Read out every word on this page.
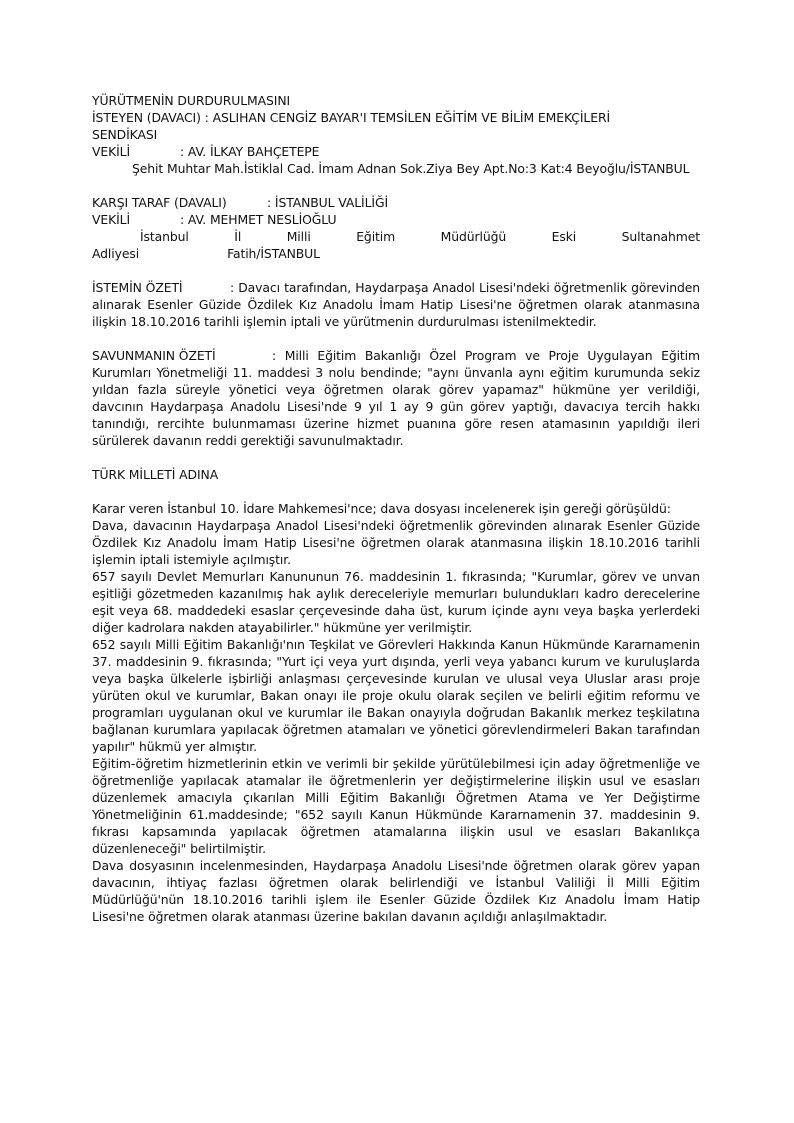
YÜRÜTMENİN DURDURULMASINI
İSTEYEN (DAVACI) : ASLIHAN CENGİZ BAYAR'I TEMSİLEN EĞİTİM VE BİLİM EMEKÇİLERİ
SENDİKASI
VEKİLİ	: AV. İLKAY BAHÇETEPE
Şehit Muhtar Mah.İstiklal Cad. İmam Adnan Sok.Ziya Bey Apt.No:3 Kat:4 Beyoğlu/İSTANBUL
KARŞI TARAF (DAVALI)	: İSTANBUL VALİLİĞİ
VEKİLİ	: AV. MEHMET NESLİOĞLU
İstanbul İl Milli Eğitim Müdürlüğü Eski Sultanahmet
Adliyesi	Fatih/İSTANBUL
İSTEMİN ÖZETİ	: Davacı tarafından, Haydarpaşa Anadol Lisesi'ndeki öğretmenlik görevinden alınarak Esenler Güzide Özdilek Kız Anadolu İmam Hatip Lisesi'ne öğretmen olarak atanmasına ilişkin 18.10.2016 tarihli işlemin iptali ve yürütmenin durdurulması istenilmektedir.
SAVUNMANIN ÖZETİ	: Milli Eğitim Bakanlığı Özel Program ve Proje Uygulayan Eğitim Kurumları Yönetmeliği 11. maddesi 3 nolu bendinde; "aynı ünvanla aynı eğitim kurumunda sekiz yıldan fazla süreyle yönetici veya öğretmen olarak görev yapamaz" hükmüne yer verildiği, davcının Haydarpaşa Anadolu Lisesi'nde 9 yıl 1 ay 9 gün görev yaptığı, davacıya tercih hakkı tanındığı, rercihte bulunmaması üzerine hizmet puanına göre resen atamasının yapıldığı ileri sürülerek davanın reddi gerektiği savunulmaktadır.
TÜRK MİLLETİ ADINA
Karar veren İstanbul 10. İdare Mahkemesi'nce; dava dosyası incelenerek işin gereği görüşüldü:
Dava, davacının Haydarpaşa Anadol Lisesi'ndeki öğretmenlik görevinden alınarak Esenler Güzide Özdilek Kız Anadolu İmam Hatip Lisesi'ne öğretmen olarak atanmasına ilişkin 18.10.2016 tarihli işlemin iptali istemiyle açılmıştır.
657 sayılı Devlet Memurları Kanununun 76. maddesinin 1. fıkrasında; "Kurumlar, görev ve unvan eşitliği gözetmeden kazanılmış hak aylık dereceleriyle memurları bulundukları kadro derecelerine eşit veya 68. maddedeki esaslar çerçevesinde daha üst, kurum içinde aynı veya başka yerlerdeki diğer kadrolara nakden atayabilirler." hükmüne yer verilmiştir.
652 sayılı Milli Eğitim Bakanlığı'nın Teşkilat ve Görevleri Hakkında Kanun Hükmünde Kararnamenin 37. maddesinin 9. fıkrasında; "Yurt içi veya yurt dışında, yerli veya yabancı kurum ve kuruluşlarda veya başka ülkelerle işbirliği anlaşması çerçevesinde kurulan ve ulusal veya Uluslar arası proje yürüten okul ve kurumlar, Bakan onayı ile proje okulu olarak seçilen ve belirli eğitim reformu ve programları uygulanan okul ve kurumlar ile Bakan onayıyla doğrudan Bakanlık merkez teşkilatına bağlanan kurumlara yapılacak öğretmen atamaları ve yönetici görevlendirmeleri Bakan tarafından yapılır" hükmü yer almıştır.
Eğitim-öğretim hizmetlerinin etkin ve verimli bir şekilde yürütülebilmesi için aday öğretmenliğe ve öğretmenliğe yapılacak atamalar ile öğretmenlerin yer değiştirmelerine ilişkin usul ve esasları düzenlemek amacıyla çıkarılan Milli Eğitim Bakanlığı Öğretmen Atama ve Yer Değiştirme Yönetmeliğinin 61.maddesinde; "652 sayılı Kanun Hükmünde Kararnamenin 37. maddesinin 9. fıkrası kapsamında yapılacak öğretmen atamalarına ilişkin usul ve esasları Bakanlıkça düzenleneceği" belirtilmiştir.
Dava dosyasının incelenmesinden, Haydarpaşa Anadolu Lisesi'nde öğretmen olarak görev yapan davacının, ihtiyaç fazlası öğretmen olarak belirlendiği ve İstanbul Valiliği İl Milli Eğitim Müdürlüğü'nün 18.10.2016 tarihli işlem ile Esenler Güzide Özdilek Kız Anadolu İmam Hatip Lisesi'ne öğretmen olarak atanması üzerine bakılan davanın açıldığı anlaşılmaktadır.
